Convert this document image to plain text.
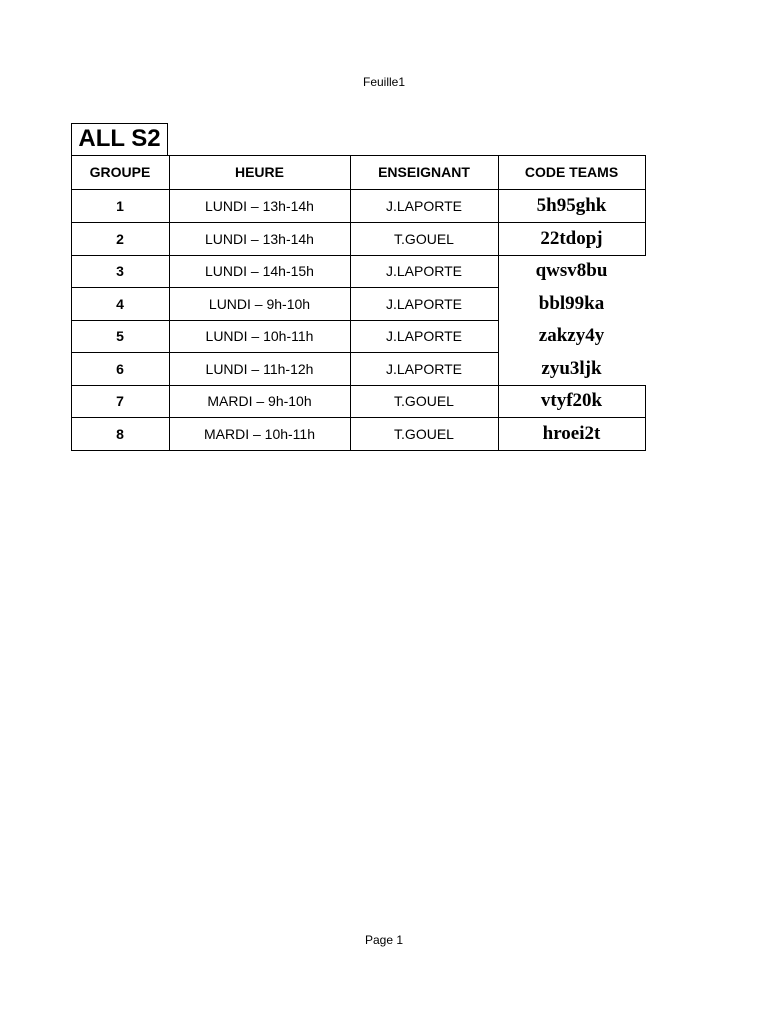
Feuille1
ALL S2
GROUPE	HEURE	ENSEIGNANT	CODE TEAMS
1	LUNDI – 13h-14h	J.LAPORTE	5h95ghk
2	LUNDI – 13h-14h	T.GOUEL	22tdopj
3	LUNDI – 14h-15h	J.LAPORTE	qwsv8bu
4	LUNDI – 9h-10h	J.LAPORTE	bbl99ka
5	LUNDI – 10h-11h	J.LAPORTE	zakzy4y
6	LUNDI – 11h-12h	J.LAPORTE	zyu3ljk
7	MARDI – 9h-10h	T.GOUEL	vtyf20k
8	MARDI – 10h-11h	T.GOUEL	hroei2t
Page 1
